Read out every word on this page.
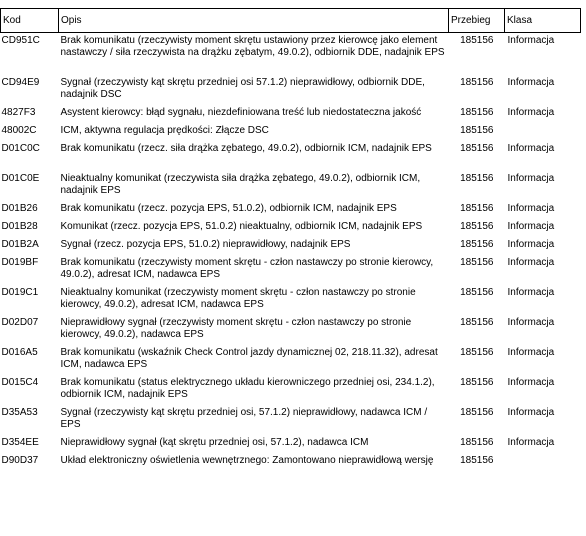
Kod	Opis	Przebieg	Klasa
CD951C	Brak komunikatu (rzeczywisty moment skrętu ustawiony przez kierowcę jako element nastawczy / siła rzeczywista na drążku zębatym, 49.0.2), odbiornik DDE, nadajnik EPS	185156	Informacja
CD94E9	Sygnał (rzeczywisty kąt skrętu przedniej osi 57.1.2) nieprawidłowy, odbiornik DDE, nadajnik DSC	185156	Informacja
4827F3	Asystent kierowcy: błąd sygnału, niezdefiniowana treść lub niedostateczna jakość	185156	Informacja
48002C	ICM, aktywna regulacja prędkości: Złącze DSC	185156	
D01C0C	Brak komunikatu (rzecz. siła drążka zębatego, 49.0.2), odbiornik ICM, nadajnik EPS	185156	Informacja
D01C0E	Nieaktualny komunikat (rzeczywista siła drążka zębatego, 49.0.2), odbiornik ICM, nadajnik EPS	185156	Informacja
D01B26	Brak komunikatu (rzecz. pozycja EPS, 51.0.2), odbiornik ICM, nadajnik EPS	185156	Informacja
D01B28	Komunikat (rzecz. pozycja EPS, 51.0.2) nieaktualny, odbiornik ICM, nadajnik EPS	185156	Informacja
D01B2A	Sygnał (rzecz. pozycja EPS, 51.0.2) nieprawidłowy, nadajnik EPS	185156	Informacja
D019BF	Brak komunikatu (rzeczywisty moment skrętu - człon nastawczy po stronie kierowcy, 49.0.2), adresat ICM, nadawca EPS	185156	Informacja
D019C1	Nieaktualny komunikat (rzeczywisty moment skrętu - człon nastawczy po stronie kierowcy, 49.0.2), adresat ICM, nadawca EPS	185156	Informacja
D02D07	Nieprawidłowy sygnał (rzeczywisty moment skrętu - człon nastawczy po stronie kierowcy, 49.0.2), nadawca EPS	185156	Informacja
D016A5	Brak komunikatu (wskaźnik Check Control jazdy dynamicznej 02, 218.11.32), adresat ICM, nadawca EPS	185156	Informacja
D015C4	Brak komunikatu (status elektrycznego układu kierowniczego przedniej osi, 234.1.2), odbiornik ICM, nadajnik EPS	185156	Informacja
D35A53	Sygnał (rzeczywisty kąt skrętu przedniej osi, 57.1.2) nieprawidłowy, nadawca ICM / EPS	185156	Informacja
D354EE	Nieprawidłowy sygnał (kąt skrętu przedniej osi, 57.1.2), nadawca ICM	185156	Informacja
D90D37	Układ elektroniczny oświetlenia wewnętrznego: Zamontowano nieprawidłową wersję	185156	
